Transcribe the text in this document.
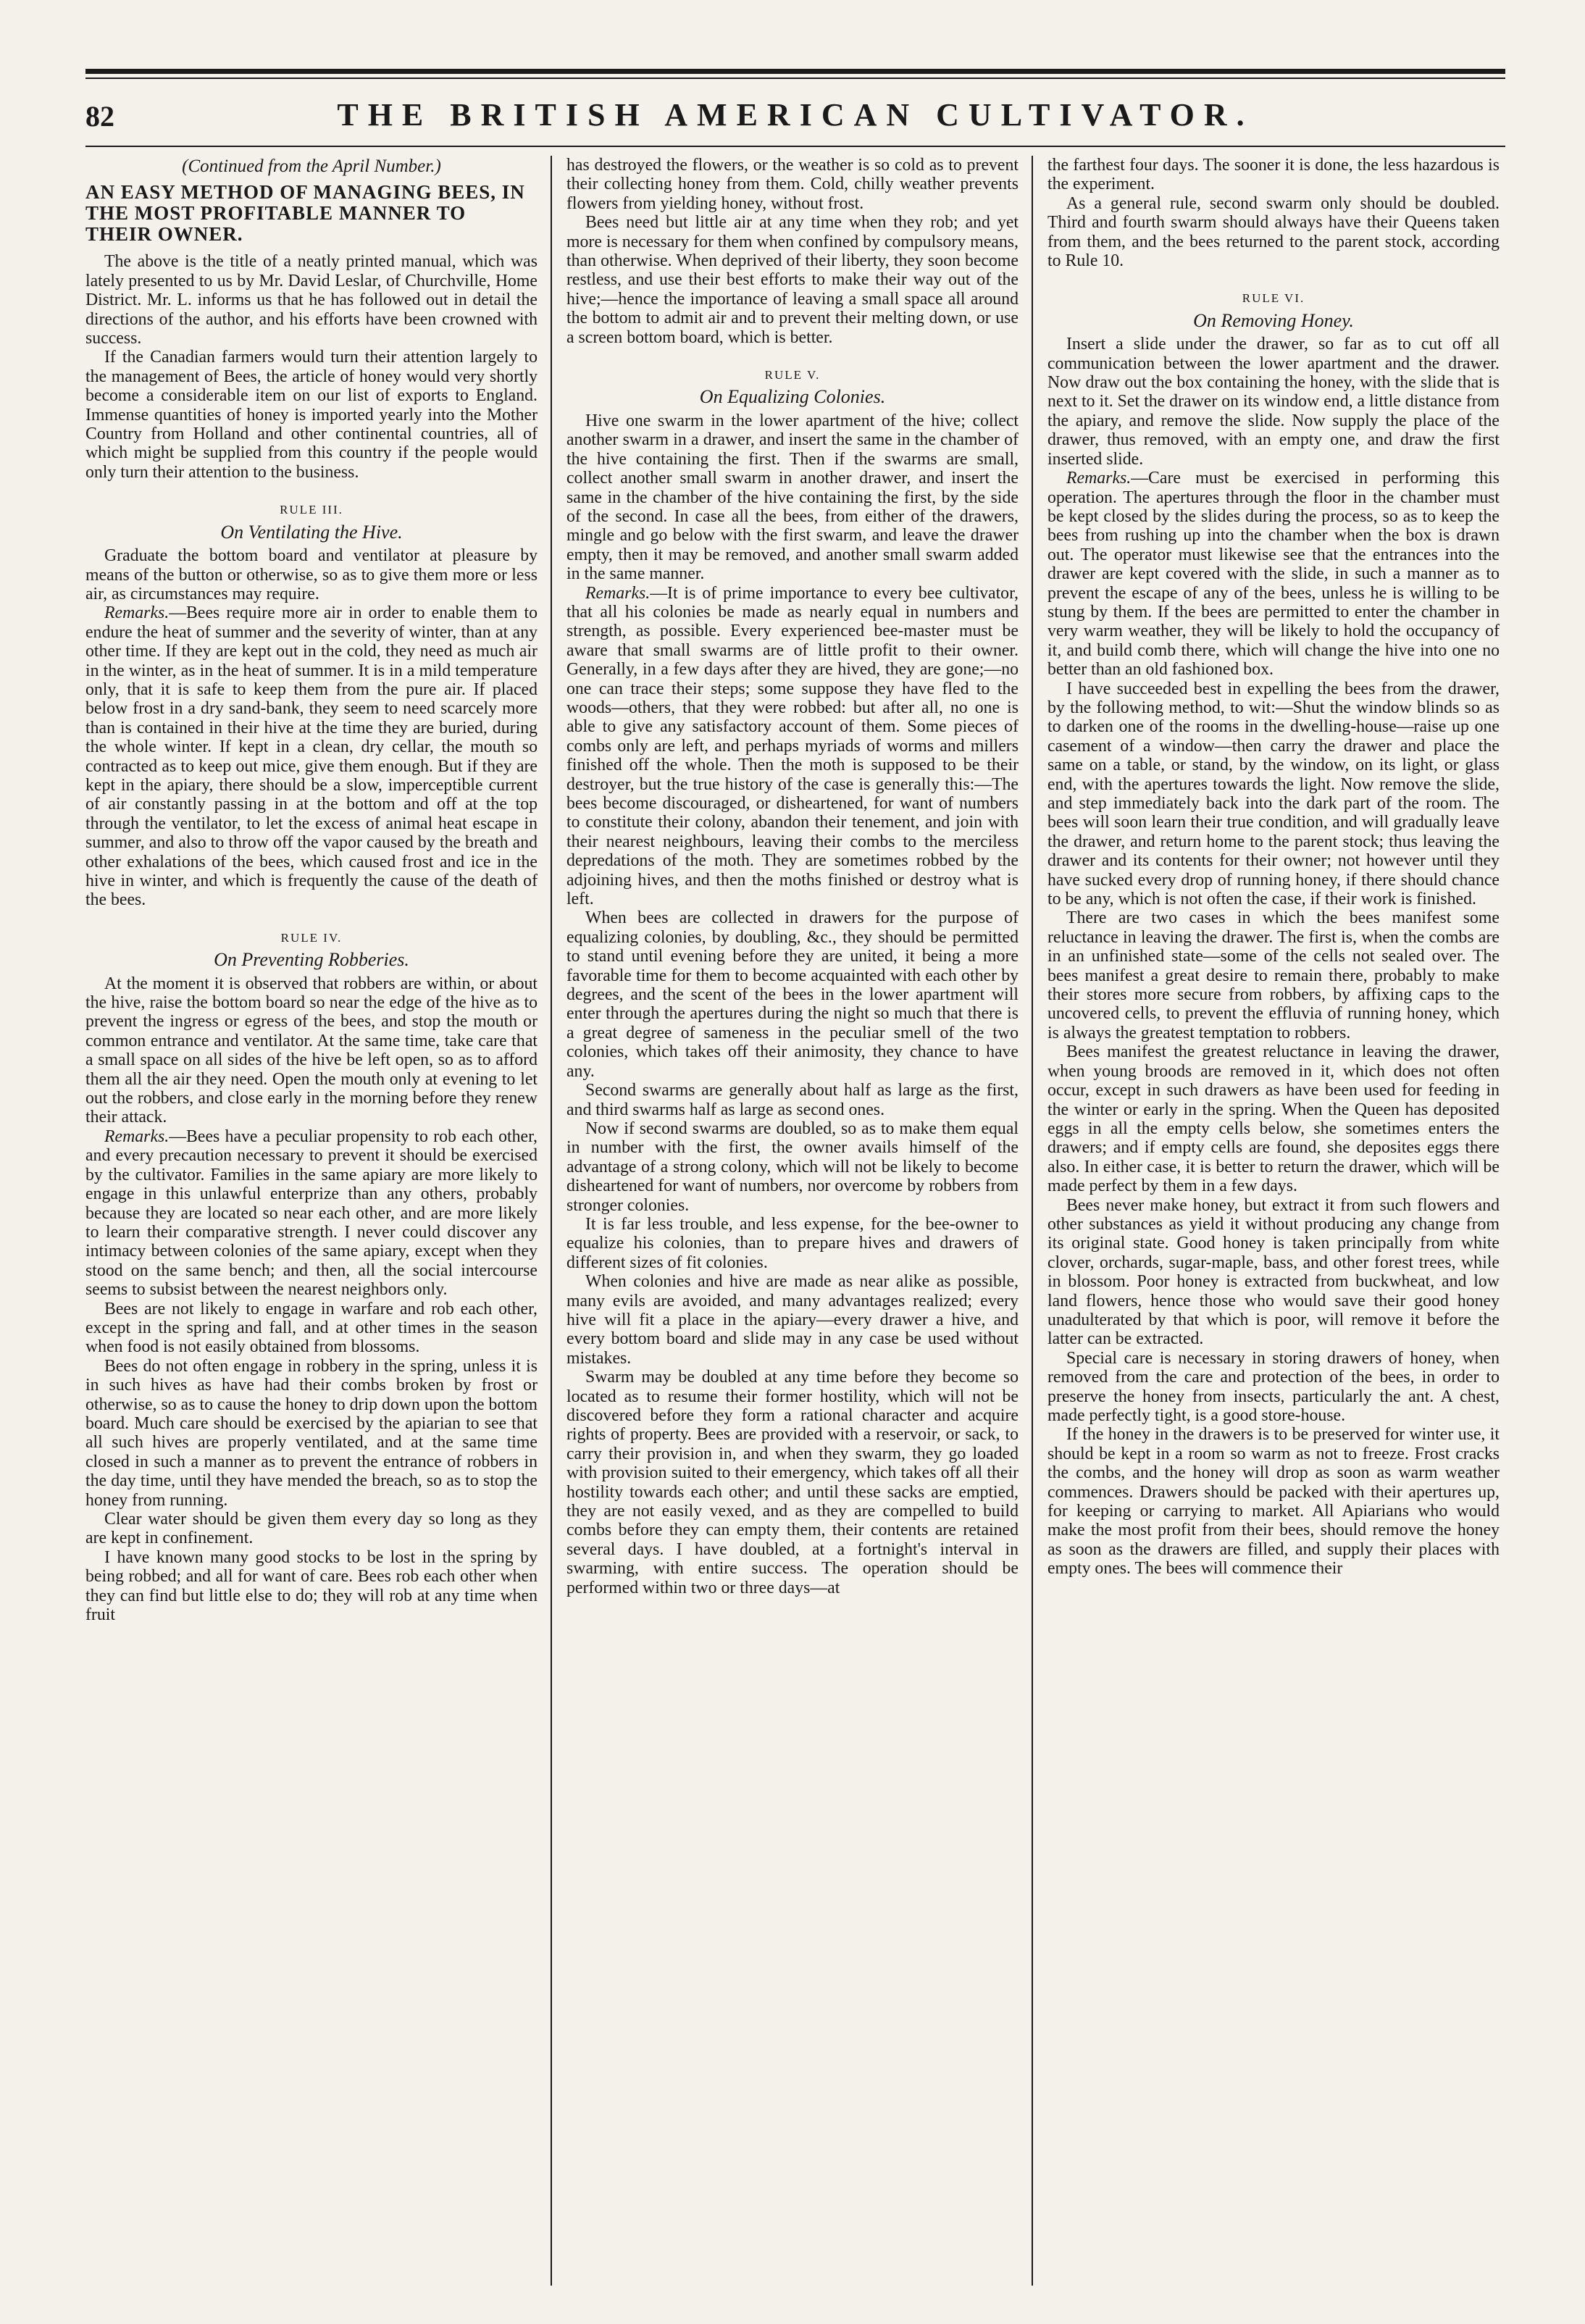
THE BRITISH AMERICAN CULTIVATOR.
82
(Continued from the April Number.)
AN EASY METHOD OF MANAGING BEES, IN THE MOST PROFITABLE MANNER TO THEIR OWNER.

The above is the title of a neatly printed manual, which was lately presented to us by Mr. David Leslar, of Churchville, Home District. Mr. L. informs us that he has followed out in detail the directions of the author, and his efforts have been crowned with success.

If the Canadian farmers would turn their attention largely to the management of Bees, the article of honey would very shortly become a considerable item on our list of exports to England. Immense quantities of honey is imported yearly into the Mother Country from Holland and other continental countries, all of which might be supplied from this country if the people would only turn their attention to the business.

RULE III.
On Ventilating the Hive.

Graduate the bottom board and ventilator at pleasure by means of the button or otherwise, so as to give them more or less air, as circumstances may require.

Remarks.—Bees require more air in order to enable them to endure the heat of summer and the severity of winter, than at any other time. If they are kept out in the cold, they need as much air in the winter, as in the heat of summer. It is in a mild temperature only, that it is safe to keep them from the pure air. If placed below frost in a dry sand-bank, they seem to need scarcely more than is contained in their hive at the time they are buried, during the whole winter. If kept in a clean, dry cellar, the mouth so contracted as to keep out mice, give them enough. But if they are kept in the apiary, there should be a slow, imperceptible current of air constantly passing in at the bottom and off at the top through the ventilator, to let the excess of animal heat escape in summer, and also to throw off the vapor caused by the breath and other exhalations of the bees, which caused frost and ice in the hive in winter, and which is frequently the cause of the death of the bees.

RULE IV.
On Preventing Robberies.

At the moment it is observed that robbers are within, or about the hive, raise the bottom board so near the edge of the hive as to prevent the ingress or egress of the bees, and stop the mouth or common entrance and ventilator. At the same time, take care that a small space on all sides of the hive be left open, so as to afford them all the air they need. Open the mouth only at evening to let out the robbers, and close early in the morning before they renew their attack.

Remarks.—Bees have a peculiar propensity to rob each other, and every precaution necessary to prevent it should be exercised by the cultivator. Families in the same apiary are more likely to engage in this unlawful enterprize than any others, probably because they are located so near each other, and are more likely to learn their comparative strength. I never could discover any intimacy between colonies of the same apiary, except when they stood on the same bench; and then, all the social intercourse seems to subsist between the nearest neighbors only.

Bees are not likely to engage in warfare and rob each other, except in the spring and fall, and at other times in the season when food is not easily obtained from blossoms.

Bees do not often engage in robbery in the spring, unless it is in such hives as have had their combs broken by frost or otherwise, so as to cause the honey to drip down upon the bottom board. Much care should be exercised by the apiarian to see that all such hives are properly ventilated, and at the same time closed in such a manner as to prevent the entrance of robbers in the day time, until they have mended the breach, so as to stop the honey from running.

Clear water should be given them every day so long as they are kept in confinement.

I have known many good stocks to be lost in the spring by being robbed; and all for want of care. Bees rob each other when they can find but little else to do; they will rob at any time when fruit

has destroyed the flowers, or the weather is so cold as to prevent their collecting honey from them. Cold, chilly weather prevents flowers from yielding honey, without frost.

Bees need but little air at any time when they rob; and yet more is necessary for them when confined by compulsory means, than otherwise. When deprived of their liberty, they soon become restless, and use their best efforts to make their way out of the hive;—hence the importance of leaving a small space all around the bottom to admit air and to prevent their melting down, or use a screen bottom board, which is better.

RULE V.
On Equalizing Colonies.

Hive one swarm in the lower apartment of the hive; collect another swarm in a drawer, and insert the same in the chamber of the hive containing the first. Then if the swarms are small, collect another small swarm in another drawer, and insert the same in the chamber of the hive containing the first, by the side of the second. In case all the bees, from either of the drawers, mingle and go below with the first swarm, and leave the drawer empty, then it may be removed, and another small swarm added in the same manner.

Remarks.—It is of prime importance to every bee cultivator, that all his colonies be made as nearly equal in numbers and strength, as possible. Every experienced bee-master must be aware that small swarms are of little profit to their owner. Generally, in a few days after they are hived, they are gone;—no one can trace their steps; some suppose they have fled to the woods—others, that they were robbed: but after all, no one is able to give any satisfactory account of them. Some pieces of combs only are left, and perhaps myriads of worms and millers finished off the whole. Then the moth is supposed to be their destroyer, but the true history of the case is generally this:—The bees become discouraged, or disheartened, for want of numbers to constitute their colony, abandon their tenement, and join with their nearest neighbours, leaving their combs to the merciless depredations of the moth. They are sometimes robbed by the adjoining hives, and then the moths finished or destroy what is left.

When bees are collected in drawers for the purpose of equalizing colonies, by doubling, &c., they should be permitted to stand until evening before they are united, it being a more favorable time for them to become acquainted with each other by degrees, and the scent of the bees in the lower apartment will enter through the apertures during the night so much that there is a great degree of sameness in the peculiar smell of the two colonies, which takes off their animosity, they chance to have any.

Second swarms are generally about half as large as the first, and third swarms half as large as second ones.

Now if second swarms are doubled, so as to make them equal in number with the first, the owner avails himself of the advantage of a strong colony, which will not be likely to become disheartened for want of numbers, nor overcome by robbers from stronger colonies.

It is far less trouble, and less expense, for the bee-owner to equalize his colonies, than to prepare hives and drawers of different sizes of fit colonies.

When colonies and hive are made as near alike as possible, many evils are avoided, and many advantages realized; every hive will fit a place in the apiary—every drawer a hive, and every bottom board and slide may in any case be used without mistakes.

Swarm may be doubled at any time before they become so located as to resume their former hostility, which will not be discovered before they form a rational character and acquire rights of property. Bees are provided with a reservoir, or sack, to carry their provision in, and when they swarm, they go loaded with provision suited to their emergency, which takes off all their hostility towards each other; and until these sacks are emptied, they are not easily vexed, and as they are compelled to build combs before they can empty them, their contents are retained several days. I have doubled, at a fortnight's interval in swarming, with entire success. The operation should be performed within two or three days—at

the farthest four days. The sooner it is done, the less hazardous is the experiment.

As a general rule, second swarm only should be doubled. Third and fourth swarm should always have their Queens taken from them, and the bees returned to the parent stock, according to Rule 10.

RULE VI.
On Removing Honey.

Insert a slide under the drawer, so far as to cut off all communication between the lower apartment and the drawer. Now draw out the box containing the honey, with the slide that is next to it. Set the drawer on its window end, a little distance from the apiary, and remove the slide. Now supply the place of the drawer, thus removed, with an empty one, and draw the first inserted slide.

Remarks.—Care must be exercised in performing this operation. The apertures through the floor in the chamber must be kept closed by the slides during the process, so as to keep the bees from rushing up into the chamber when the box is drawn out. The operator must likewise see that the entrances into the drawer are kept covered with the slide, in such a manner as to prevent the escape of any of the bees, unless he is willing to be stung by them. If the bees are permitted to enter the chamber in very warm weather, they will be likely to hold the occupancy of it, and build comb there, which will change the hive into one no better than an old fashioned box.

I have succeeded best in expelling the bees from the drawer, by the following method, to wit:—Shut the window blinds so as to darken one of the rooms in the dwelling-house—raise up one casement of a window—then carry the drawer and place the same on a table, or stand, by the window, on its light, or glass end, with the apertures towards the light. Now remove the slide, and step immediately back into the dark part of the room. The bees will soon learn their true condition, and will gradually leave the drawer, and return home to the parent stock; thus leaving the drawer and its contents for their owner; not however until they have sucked every drop of running honey, if there should chance to be any, which is not often the case, if their work is finished.

There are two cases in which the bees manifest some reluctance in leaving the drawer. The first is, when the combs are in an unfinished state—some of the cells not sealed over. The bees manifest a great desire to remain there, probably to make their stores more secure from robbers, by affixing caps to the uncovered cells, to prevent the effluvia of running honey, which is always the greatest temptation to robbers.

Bees manifest the greatest reluctance in leaving the drawer, when young broods are removed in it, which does not often occur, except in such drawers as have been used for feeding in the winter or early in the spring. When the Queen has deposited eggs in all the empty cells below, she sometimes enters the drawers; and if empty cells are found, she deposites eggs there also. In either case, it is better to return the drawer, which will be made perfect by them in a few days.

Bees never make honey, but extract it from such flowers and other substances as yield it without producing any change from its original state. Good honey is taken principally from white clover, orchards, sugar-maple, bass, and other forest trees, while in blossom. Poor honey is extracted from buckwheat, and low land flowers, hence those who would save their good honey unadulterated by that which is poor, will remove it before the latter can be extracted.

Special care is necessary in storing drawers of honey, when removed from the care and protection of the bees, in order to preserve the honey from insects, particularly the ant. A chest, made perfectly tight, is a good store-house.

If the honey in the drawers is to be preserved for winter use, it should be kept in a room so warm as not to freeze. Frost cracks the combs, and the honey will drop as soon as warm weather commences. Drawers should be packed with their apertures up, for keeping or carrying to market. All Apiarians who would make the most profit from their bees, should remove the honey as soon as the drawers are filled, and supply their places with empty ones. The bees will commence their
